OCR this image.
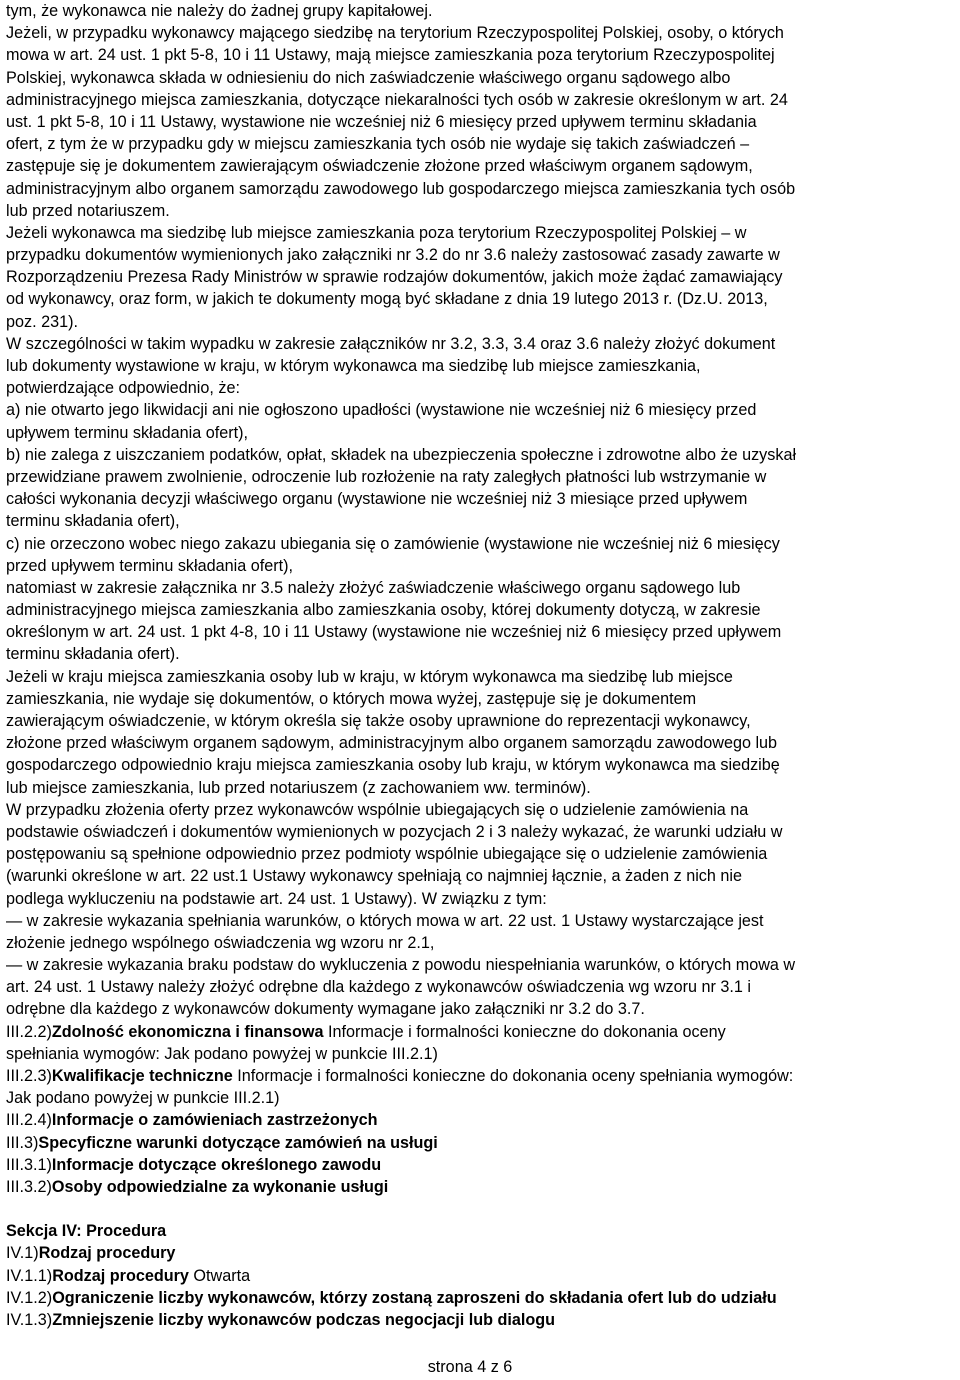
tym, że wykonawca nie należy do żadnej grupy kapitałowej.
Jeżeli, w przypadku wykonawcy mającego siedzibę na terytorium Rzeczypospolitej Polskiej, osoby, o których
mowa w art. 24 ust. 1 pkt 5-8, 10 i 11 Ustawy, mają miejsce zamieszkania poza terytorium Rzeczypospolitej
Polskiej, wykonawca składa w odniesieniu do nich zaświadczenie właściwego organu sądowego albo
administracyjnego miejsca zamieszkania, dotyczące niekaralności tych osób w zakresie określonym w art. 24
ust. 1 pkt 5-8, 10 i 11 Ustawy, wystawione nie wcześniej niż 6 miesięcy przed upływem terminu składania
ofert, z tym że w przypadku gdy w miejscu zamieszkania tych osób nie wydaje się takich zaświadczeń –
zastępuje się je dokumentem zawierającym oświadczenie złożone przed właściwym organem sądowym,
administracyjnym albo organem samorządu zawodowego lub gospodarczego miejsca zamieszkania tych osób
lub przed notariuszem.
Jeżeli wykonawca ma siedzibę lub miejsce zamieszkania poza terytorium Rzeczypospolitej Polskiej – w
przypadku dokumentów wymienionych jako załączniki nr 3.2 do nr 3.6 należy zastosować zasady zawarte w
Rozporządzeniu Prezesa Rady Ministrów w sprawie rodzajów dokumentów, jakich może żądać zamawiający
od wykonawcy, oraz form, w jakich te dokumenty mogą być składane z dnia 19 lutego 2013 r. (Dz.U. 2013,
poz. 231).
W szczególności w takim wypadku w zakresie załączników nr 3.2, 3.3, 3.4 oraz 3.6 należy złożyć dokument
lub dokumenty wystawione w kraju, w którym wykonawca ma siedzibę lub miejsce zamieszkania,
potwierdzające odpowiednio, że:
a) nie otwarto jego likwidacji ani nie ogłoszono upadłości (wystawione nie wcześniej niż 6 miesięcy przed
upływem terminu składania ofert),
b) nie zalega z uiszczaniem podatków, opłat, składek na ubezpieczenia społeczne i zdrowotne albo że uzyskał
przewidziane prawem zwolnienie, odroczenie lub rozłożenie na raty zaległych płatności lub wstrzymanie w
całości wykonania decyzji właściwego organu (wystawione nie wcześniej niż 3 miesiące przed upływem
terminu składania ofert),
c) nie orzeczono wobec niego zakazu ubiegania się o zamówienie (wystawione nie wcześniej niż 6 miesięcy
przed upływem terminu składania ofert),
natomiast w zakresie załącznika nr 3.5 należy złożyć zaświadczenie właściwego organu sądowego lub
administracyjnego miejsca zamieszkania albo zamieszkania osoby, której dokumenty dotyczą, w zakresie
określonym w art. 24 ust. 1 pkt 4-8, 10 i 11 Ustawy (wystawione nie wcześniej niż 6 miesięcy przed upływem
terminu składania ofert).
Jeżeli w kraju miejsca zamieszkania osoby lub w kraju, w którym wykonawca ma siedzibę lub miejsce
zamieszkania, nie wydaje się dokumentów, o których mowa wyżej, zastępuje się je dokumentem
zawierającym oświadczenie, w którym określa się także osoby uprawnione do reprezentacji wykonawcy,
złożone przed właściwym organem sądowym, administracyjnym albo organem samorządu zawodowego lub
gospodarczego odpowiednio kraju miejsca zamieszkania osoby lub kraju, w którym wykonawca ma siedzibę
lub miejsce zamieszkania, lub przed notariuszem (z zachowaniem ww. terminów).
W przypadku złożenia oferty przez wykonawców wspólnie ubiegających się o udzielenie zamówienia na
podstawie oświadczeń i dokumentów wymienionych w pozycjach 2 i 3 należy wykazać, że warunki udziału w
postępowaniu są spełnione odpowiednio przez podmioty wspólnie ubiegające się o udzielenie zamówienia
(warunki określone w art. 22 ust.1 Ustawy wykonawcy spełniają co najmniej łącznie, a żaden z nich nie
podlega wykluczeniu na podstawie art. 24 ust. 1 Ustawy). W związku z tym:
— w zakresie wykazania spełniania warunków, o których mowa w art. 22 ust. 1 Ustawy wystarczające jest
złożenie jednego wspólnego oświadczenia wg wzoru nr 2.1,
— w zakresie wykazania braku podstaw do wykluczenia z powodu niespełniania warunków, o których mowa w
art. 24 ust. 1 Ustawy należy złożyć odrębne dla każdego z wykonawców oświadczenia wg wzoru nr 3.1 i
odrębne dla każdego z wykonawców dokumenty wymagane jako załączniki nr 3.2 do 3.7.
III.2.2)Zdolność ekonomiczna i finansowa Informacje i formalności konieczne do dokonania oceny
spełniania wymogów: Jak podano powyżej w punkcie III.2.1)
III.2.3)Kwalifikacje techniczne Informacje i formalności konieczne do dokonania oceny spełniania wymogów:
Jak podano powyżej w punkcie III.2.1)
III.2.4)Informacje o zamówieniach zastrzeżonych
III.3)Specyficzne warunki dotyczące zamówień na usługi
III.3.1)Informacje dotyczące określonego zawodu
III.3.2)Osoby odpowiedzialne za wykonanie usługi
Sekcja IV: Procedura
IV.1)Rodzaj procedury
IV.1.1)Rodzaj procedury Otwarta
IV.1.2)Ograniczenie liczby wykonawców, którzy zostaną zaproszeni do składania ofert lub do udziału
IV.1.3)Zmniejszenie liczby wykonawców podczas negocjacji lub dialogu
strona 4 z 6
